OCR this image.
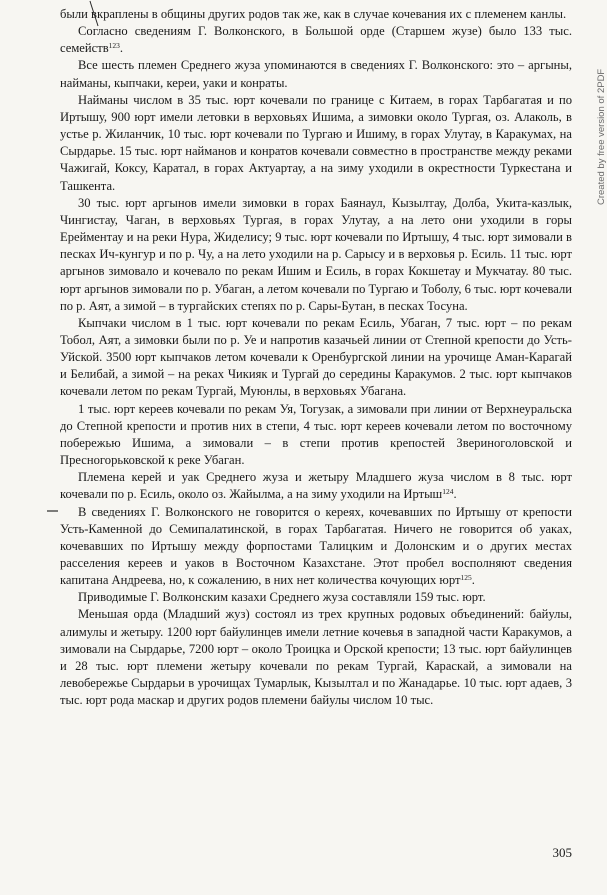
были вкраплены в общины других родов так же, как в случае кочевания их с племенем канлы.

Согласно сведениям Г. Волконского, в Большой орде (Старшем жузе) было 133 тыс. семейств$^{123}$.

Все шесть племен Среднего жуза упоминаются в сведениях Г. Волконского: это – аргыны, найманы, кыпчаки, кереи, уаки и конраты.

Найманы числом в 35 тыс. юрт кочевали по границе с Китаем, в горах Тарбагатая и по Иртышу, 900 юрт имели летовки в верховьях Ишима, а зимовки около Тургая, оз. Алаколь, в устье р. Жиланчик, 10 тыс. юрт кочевали по Тургаю и Ишиму, в горах Улутау, в Каракумах, на Сырдарье. 15 тыс. юрт найманов и конратов кочевали совместно в пространстве между реками Чажигай, Коксу, Каратал, в горах Актуартау, а на зиму уходили в окрестности Туркестана и Ташкента.

30 тыс. юрт аргынов имели зимовки в горах Баянаул, Кызылтау, Долба, Укита-казлык, Чингистау, Чаган, в верховьях Тургая, в горах Улутау, а на лето они уходили в горы Ерейментау и на реки Нура, Жиделису; 9 тыс. юрт кочевали по Иртышу, 4 тыс. юрт зимовали в песках Ич-кунгур и по р. Чу, а на лето уходили на р. Сарысу и в верховья р. Есиль. 11 тыс. юрт аргынов зимовало и кочевало по рекам Ишим и Есиль, в горах Кокшетау и Мукчатау. 80 тыс. юрт аргынов зимовали по р. Убаган, а летом кочевали по Тургаю и Тоболу, 6 тыс. юрт кочевали по р. Аят, а зимой – в тургайских степях по р. Сары-Бутан, в песках Тосуна.

Кыпчаки числом в 1 тыс. юрт кочевали по рекам Есиль, Убаган, 7 тыс. юрт – по рекам Тобол, Аят, а зимовки были по р. Уе и напротив казачьей линии от Степной крепости до Усть-Уйской. 3500 юрт кыпчаков летом кочевали к Оренбургской линии на урочище Аман-Карагай и Белибай, а зимой – на реках Чикияк и Тургай до середины Каракумов. 2 тыс. юрт кыпчаков кочевали летом по рекам Тургай, Муюнлы, в верховьях Убагана.

1 тыс. юрт кереев кочевали по рекам Уя, Тогузак, а зимовали при линии от Верхнеуральска до Степной крепости и против них в степи, 4 тыс. юрт кереев кочевали летом по восточному побережью Ишима, а зимовали – в степи против крепостей Звериноголовской и Пресногорьковской к реке Убаган.

Племена керей и уак Среднего жуза и жетыру Младшего жуза числом в 8 тыс. юрт кочевали по р. Есиль, около оз. Жайылма, а на зиму уходили на Иртыш$^{124}$.

В сведениях Г. Волконского не говорится о кереях, кочевавших по Иртышу от крепости Усть-Каменной до Семипалатинской, в горах Тарбагатая. Ничего не говорится об уаках, кочевавших по Иртышу между форпостами Талицким и Долонским и о других местах расселения кереев и уаков в Восточном Казахстане. Этот пробел восполняют сведения капитана Андреева, но, к сожалению, в них нет количества кочующих юрт$^{125}$.

Приводимые Г. Волконским казахи Среднего жуза составляли 159 тыс. юрт.

Меньшая орда (Младший жуз) состоял из трех крупных родовых объединений: байулы, алимулы и жетыру. 1200 юрт байулинцев имели летние кочевья в западной части Каракумов, а зимовали на Сырдарье, 7200 юрт – около Троицка и Орской крепости; 13 тыс. юрт байулинцев и 28 тыс. юрт племени жетыру кочевали по рекам Тургай, Караскай, а зимовали на левобережье Сырдарьи в урочищах Тумарлык, Кызылтал и по Жанадарье. 10 тыс. юрт адаев, 3 тыс. юрт рода маскар и других родов племени байулы числом 10 тыс.

Created by free version of 2PDF
305
